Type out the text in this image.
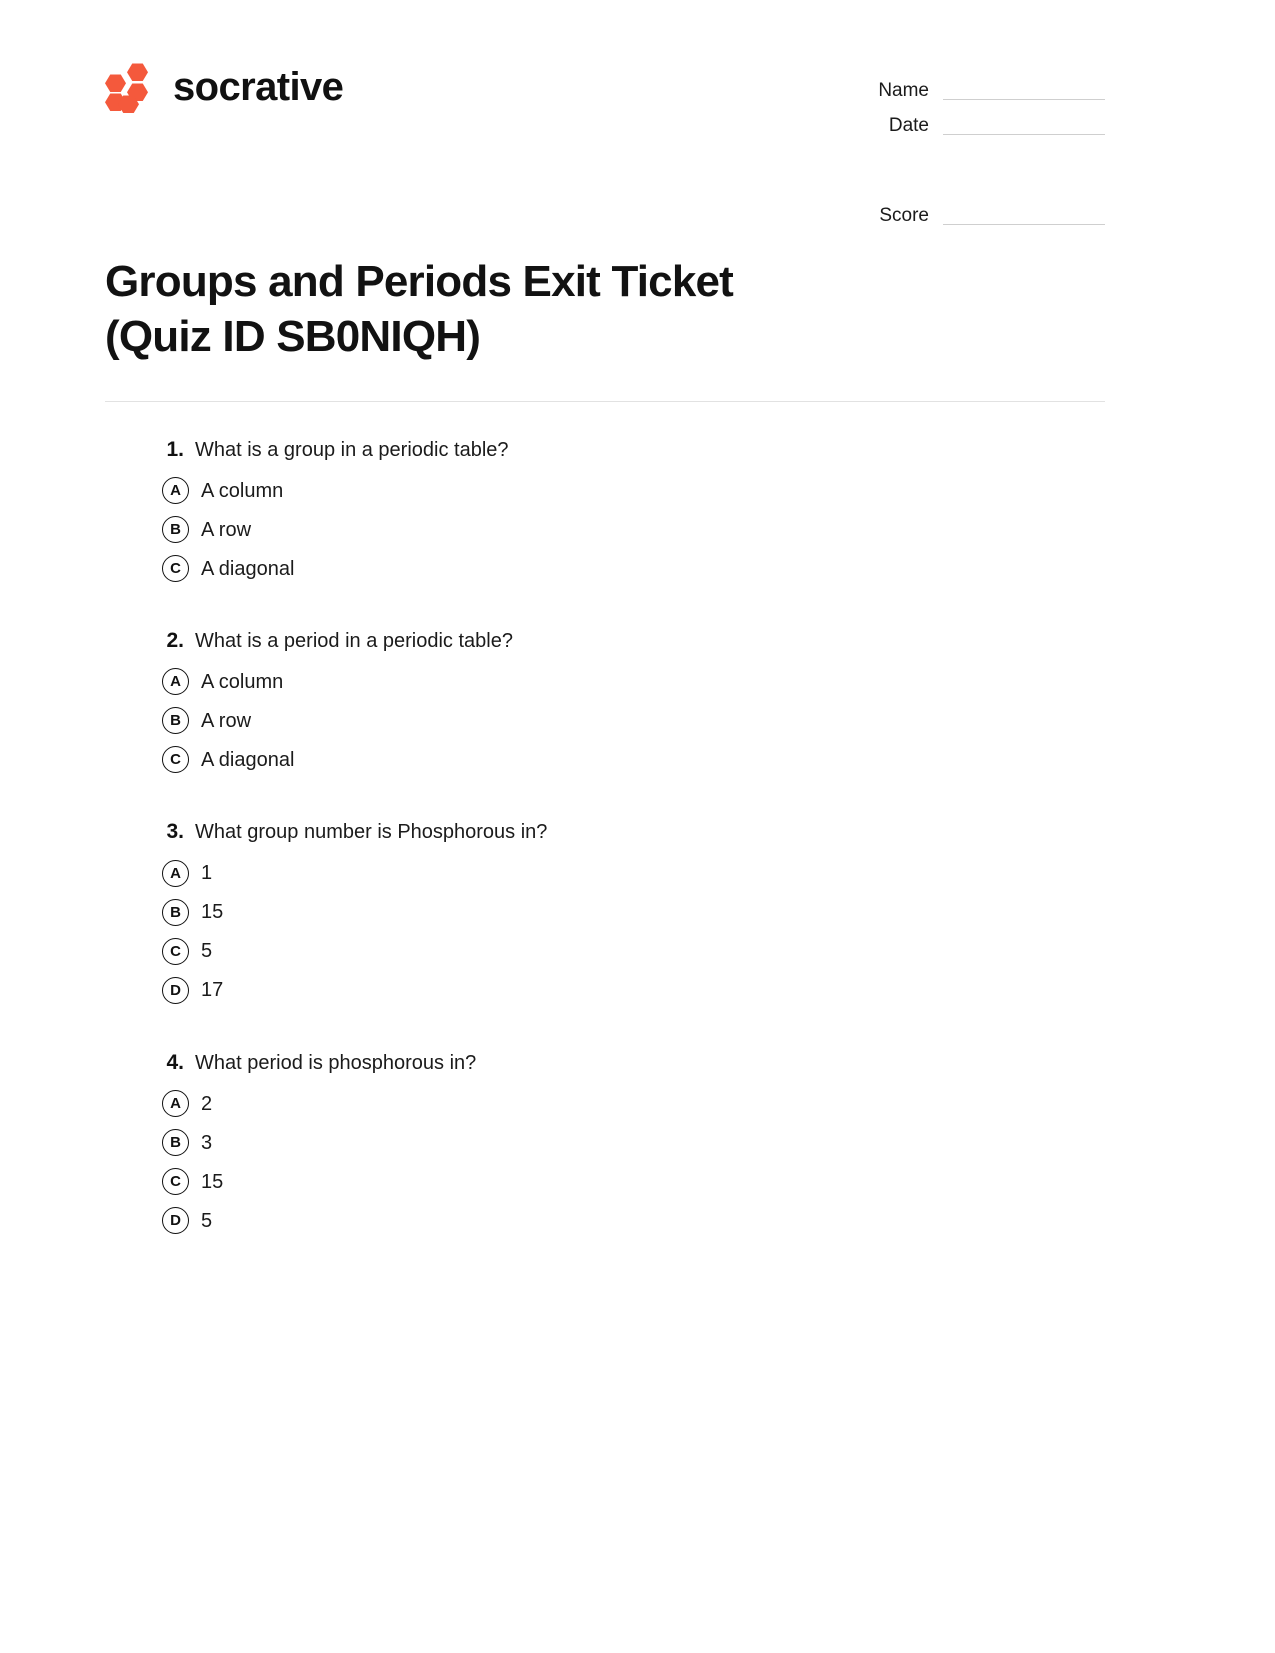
socrative	Name
Date
Score
Groups and Periods Exit Ticket (Quiz ID SB0NIQH)
1. What is a group in a periodic table?
A	A column
B	A row
C	A diagonal
2. What is a period in a periodic table?
A	A column
B	A row
C	A diagonal
3. What group number is Phosphorous in?
A	1
B	15
C	5
D	17
4. What period is phosphorous in?
A	2
B	3
C	15
D	5
